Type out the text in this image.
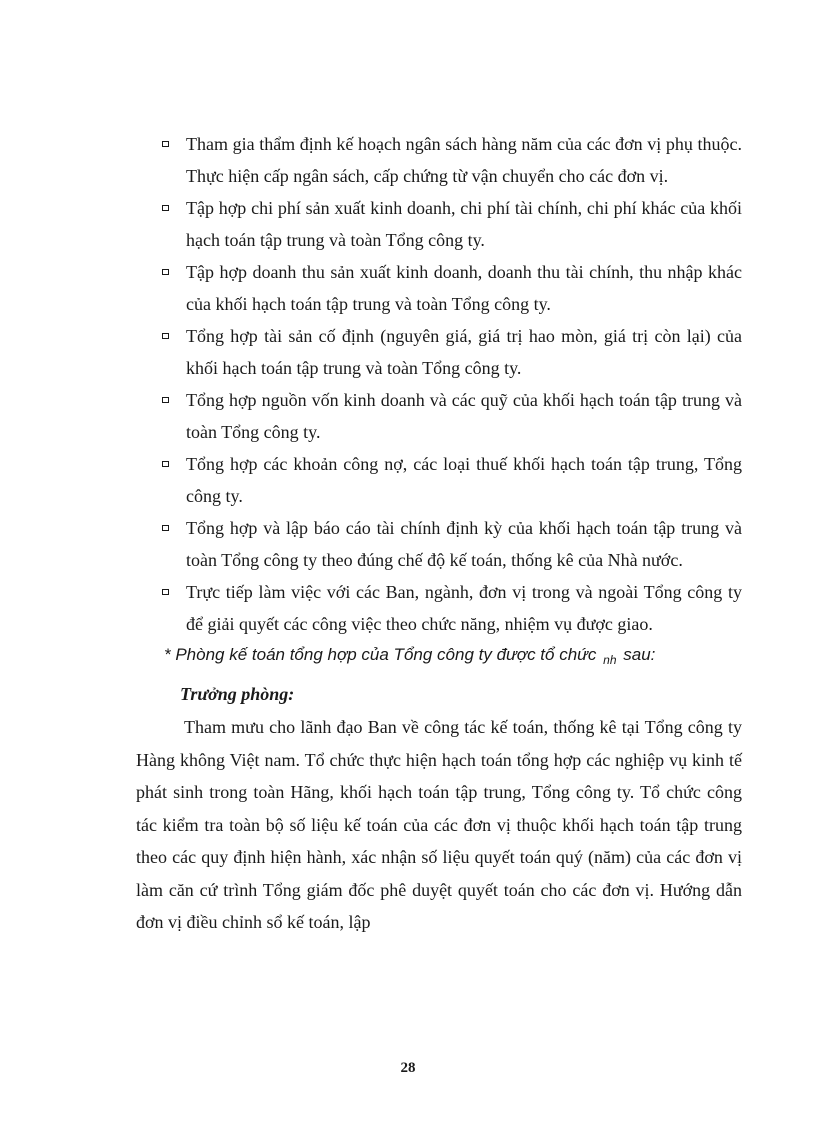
Tham gia thẩm định kế hoạch ngân sách hàng năm của các đơn vị phụ thuộc. Thực hiện cấp ngân sách, cấp chứng từ vận chuyển cho các đơn vị.
Tập hợp chi phí sản xuất kinh doanh, chi phí tài chính, chi phí khác của khối hạch toán tập trung và toàn Tổng công ty.
Tập hợp doanh thu sản xuất kinh doanh, doanh thu tài chính, thu nhập khác của khối hạch toán tập trung và toàn Tổng công ty.
Tổng hợp tài sản cố định (nguyên giá, giá trị hao mòn, giá trị còn lại) của khối hạch toán tập trung và toàn Tổng công ty.
Tổng hợp nguồn vốn kinh doanh và các quỹ của khối hạch toán tập trung và toàn Tổng công ty.
Tổng hợp các khoản công nợ, các loại thuế khối hạch toán tập trung, Tổng công ty.
Tổng hợp và lập báo cáo tài chính định kỳ của khối hạch toán tập trung và toàn Tổng công ty theo đúng chế độ kế toán, thống kê của Nhà nước.
Trực tiếp làm việc với các Ban, ngành, đơn vị trong và ngoài Tổng công ty để giải quyết các công việc theo chức năng, nhiệm vụ được giao.

* Phòng kế toán tổng hợp của Tổng công ty được tổ chức $_{nh}$ sau:

Trưởng phòng:

Tham mưu cho lãnh đạo Ban về công tác kế toán, thống kê tại Tổng công ty Hàng không Việt nam. Tổ chức thực hiện hạch toán tổng hợp các nghiệp vụ kinh tế phát sinh trong toàn Hãng, khối hạch toán tập trung, Tổng công ty. Tổ chức công tác kiểm tra toàn bộ số liệu kế toán của các đơn vị thuộc khối hạch toán tập trung theo các quy định hiện hành, xác nhận số liệu quyết toán quý (năm) của các đơn vị làm căn cứ trình Tổng giám đốc phê duyệt quyết toán cho các đơn vị. Hướng dẫn đơn vị điều chỉnh sổ kế toán, lập

28
